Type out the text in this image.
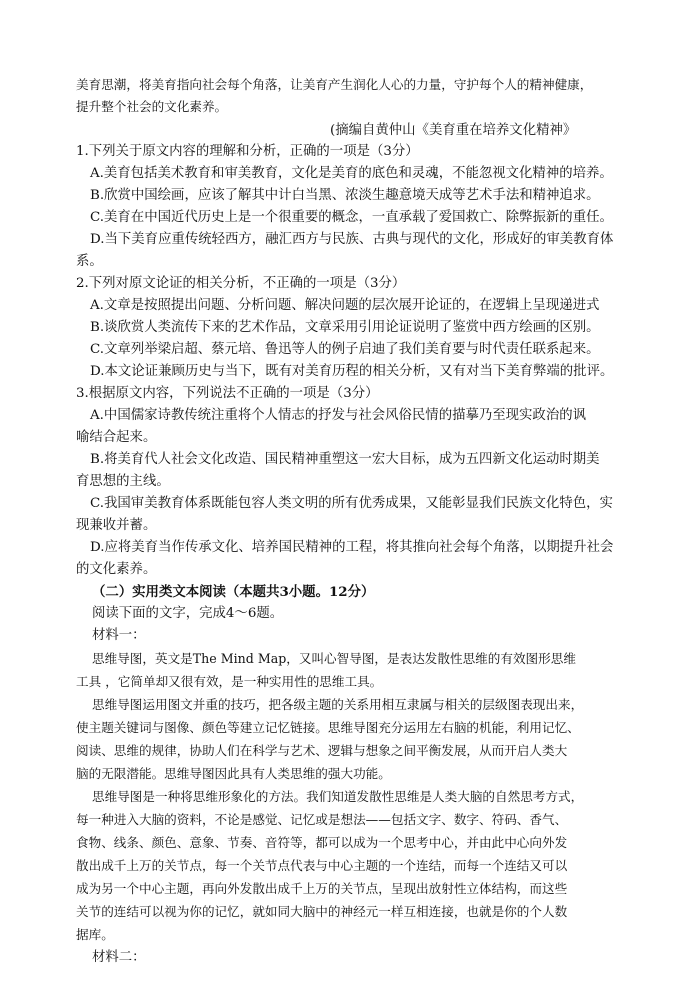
美育思潮，将美育指向社会每个角落，让美育产生润化人心的力量，守护每个人的精神健康，
提升整个社会的文化素养。
(摘编自黄仲山《美育重在培养文化精神》
1.下列关于原文内容的理解和分析，正确的一项是（3分）
A.美育包括美术教育和审美教育，文化是美育的底色和灵魂，不能忽视文化精神的培养。
B.欣赏中国绘画，应该了解其中计白当黑、浓淡生趣意境天成等艺术手法和精神追求。
C.美育在中国近代历史上是一个很重要的概念，一直承载了爱国救亡、除弊振新的重任。
D.当下美育应重传统轻西方，融汇西方与民族、古典与现代的文化，形成好的审美教育体
系。
2.下列对原文论证的相关分析，不正确的一项是（3分）
A.文章是按照提出问题、分析问题、解决问题的层次展开论证的，在逻辑上呈现递进式
B.谈欣赏人类流传下来的艺术作品，文章采用引用论证说明了鉴赏中西方绘画的区别。
C.文章列举梁启超、蔡元培、鲁迅等人的例子启迪了我们美育要与时代责任联系起来。
D.本文论证兼顾历史与当下，既有对美育历程的相关分析，又有对当下美育弊端的批评。
3.根据原文内容，下列说法不正确的一项是（3分）
A.中国儒家诗教传统注重将个人情志的抒发与社会风俗民情的描摹乃至现实政治的讽
喻结合起来。
B.将美育代人社会文化改造、国民精神重塑这一宏大目标，成为五四新文化运动时期美
育思想的主线。
C.我国审美教育体系既能包容人类文明的所有优秀成果，又能彰显我们民族文化特色，实
现兼收并蓄。
D.应将美育当作传承文化、培养国民精神的工程，将其推向社会每个角落，以期提升社会
的文化素养。
（二）实用类文本阅读（本题共3小题。12分）
阅读下面的文字，完成4～6题。
材料一：
思维导图，英文是The Mind Map，又叫心智导图，是表达发散性思维的有效图形思维
工具 ，它简单却又很有效，是一种实用性的思维工具。
思维导图运用图文并重的技巧，把各级主题的关系用相互隶属与相关的层级图表现出来，
使主题关键词与图像、颜色等建立记忆链接。思维导图充分运用左右脑的机能，利用记忆、
阅读、思维的规律，协助人们在科学与艺术、逻辑与想象之间平衡发展，从而开启人类大
脑的无限潜能。思维导图因此具有人类思维的强大功能。
思维导图是一种将思维形象化的方法。我们知道发散性思维是人类大脑的自然思考方式，
每一种进入大脑的资料，不论是感觉、记忆或是想法——包括文字、数字、符码、香气、
食物、线条、颜色、意象、节奏、音符等，都可以成为一个思考中心，并由此中心向外发
散出成千上万的关节点，每一个关节点代表与中心主题的一个连结，而每一个连结又可以
成为另一个中心主题，再向外发散出成千上万的关节点，呈现出放射性立体结构，而这些
关节的连结可以视为你的记忆，就如同大脑中的神经元一样互相连接，也就是你的个人数
据库。
材料二：
